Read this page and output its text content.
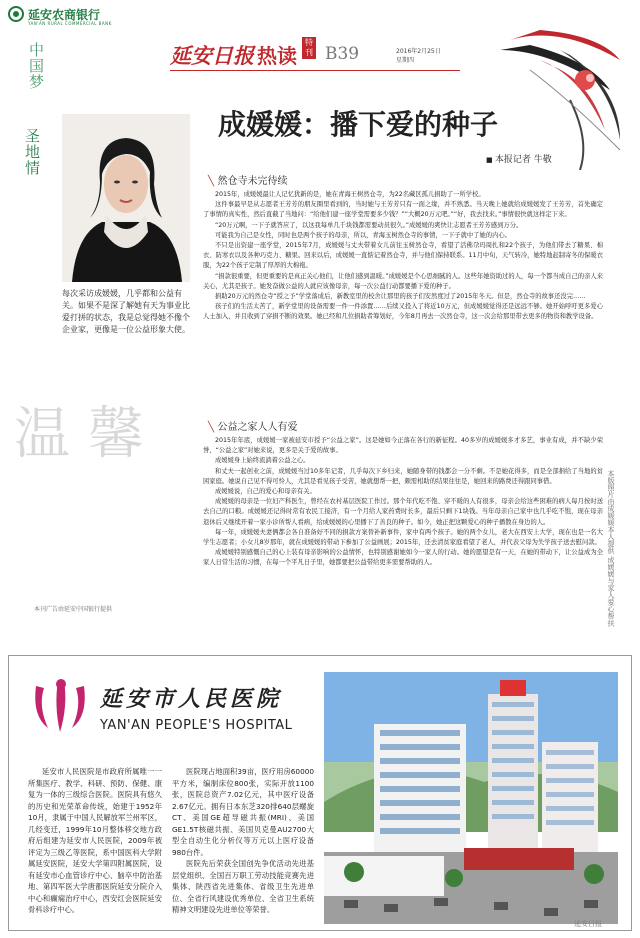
延安农商银行
YAN'AN RURAL COMMERCIAL BANK
中国梦
圣地情
延安日报 热读
特刊 B39	2016年2月25日
星期四
成媛媛：播下爱的种子
■ 本报记者 牛敬
每次采访成媛媛，几乎都和公益有关。如果不是深了解她有天为事业比爱打拼的状态，我是总觉得她不像个企业家，更像是一位公益形象大使。
╲ 然仓寺未完待续

2015年，成媛媛最让人记忆犹新的是，她在青海王树然仓寺，为22名藏区孤儿捐助了一所学校。

这件事最早是从志愿者王芳芳的朋友圈里看到的，当时她与王芳芳只有一面之缘，并不熟悉。当天晚上她就给成媛媛发了王芳芳，首先确定了事情的真实性，然后直截了当地问：“给他们建一座学堂需要多少钱？”“大概20万元吧。”“好，我去找来。”事情很快就这样定下来。

“20万元啊，一下子就答应了，以这我每单几千块钱都需要动员很久。”成媛媛的爽快让志愿者王芳芳感到万分。

可能我为自己是女性，同时也是两个孩子的母亲，所以，青海玉树然仓寺的事情，一下子就中了她的内心。

不只是出资建一座学堂，2015年7月，成媛媛与丈夫带着女儿前往玉树然仓寺，看望了活佛尕玛周扎和22个孩子，为他们带去了糖果、棉衣、防寒衣以及各种巧克力、糖果。回来以后，成媛媛一直惦记着然仓寺，并与他们保持联系。11月中旬，天气转冷，她特地赶制寄冬的保暖衣服，为22个孩子定制了厚厚的大棉袍。

“捐款很重要，但更重要的是真正关心他们，让他们感到温暖。”成媛媛是个心思细腻的人。这些年她资助过的人，每一个都当成自己的亲人来关心，尤其是孩子。她发奋做公益的人就应该像母亲，每一次公益行动都要播下爱的种子。

捐助20万元的然仓寺“授之予”学堂落成后，新教室里的校舍让那里的孩子们安然度过了2015年冬天。但是，然仓寺的故事还没完……

孩子们的生活太苦了，新学堂里的设备需要一件一件添置……后续又投入了将近10万元，但成媛媛觉得还是远远不够。她开始呼吁更多爱心人士加入，并且收到了穿捐不断的效果。她已经和几位捐助者筹划好，今年8月再去一次然仓寺，这一次会给那里带去更多的物资和教学设备。

温馨
╲	公益之家人人有爱

2015年年底，成媛媛一家被延安市授予“公益之家”。这是她如今正落在各行的新征程。40多岁的成媛媛多才多艺，事业有成，并不缺少荣誉，“公益之家”对她来说，更多是关于爱的故事。

成媛媛身上始终流淌着公益之心。

和丈夫一起创业之前，成媛媛当过10多年记者，几乎每次下乡归来，她随身带的钱都会一分不剩。不是她花得多，而是全部捐给了当地的贫困家庭。她说自己见不得可怜人，尤其是看见孩子受苦，她就想帮一把，颇需相助的结果往往是，她回来的路费还得跟同事借。

成媛媛说，自己的爱心和母亲有关。

成媛媛的母亲是一位妇产科医生，曾经在农村基层医院工作过。那个年代吃不饱、穿不暖的人有很多，母亲会给这些困难的病人每月按时送去自己的口粮。成媛媛还记得时常有农民工接济，有一个月给人家药费时长多，最后只剩下1块钱。当年母亲自己家中也几乎吃不饱，现在母亲退休后又继续开着一家小诊所帮人看病，给成媛媛的心里播下了善良的种子。如今，她正把这颗爱心的种子播散在身边的人。

每一年，成媛媛夫妻俩都会各自准备好不同的捐款方案替补新事件，家中有两个孩子。她的两个女儿，老大在西安上大学，现在也是一名大学生志愿者；小女儿8岁那年，就在成媛媛的带动下参加了公益画展；2015年，还去清贫家庭看望了老人，并代表父母为失学孩子送去慰问款。

成媛媛特别感慨自己的心上装有母亲影响的公益情怀，也特别感谢她如今一家人的行动。她的愿望是有一天，在她的带动下，让公益成为全家人日常生活的习惯，在每一个平凡日子里，她都要把公益带给更多需要帮助的人。	本版照片由成媛媛本人提供 成媛媛与家人爱心帮扶
本刊广告由延安中国银行提供
延安市人民医院
YAN'AN PEOPLE'S HOSPITAL

延安市人民医院是市政府所属唯一一所集医疗、教学、科研、预防、保健、康复为一体的三级综合医院。医院具有悠久的历史和光荣革命传统，始建于1952年10月，隶属于中国人民解放军兰州军区，几经变迁，1999年10月整体移交地方政府后组建为延安市人民医院，2009年被评定为三级乙等医院，系中国医科大学附属延安医院，延安大学第四附属医院，设有延安市心血管诊疗中心、脑卒中防治基地、第四军医大学唐都医院延安分院介入中心和癫痫治疗中心，西安红会医院延安骨科诊疗中心。

医院现占地面积39亩，医疗用房60000平方米，编制床位800张，实际开放1100张，医院总资产7.02亿元，其中医疗设备2.67亿元。拥有日本东芝320排640层螺旋CT、美国GE超导磁共振(MRI)、美国GE1.5T核磁共振、美国贝克曼AU2700大型全自动生化分析仪等万元以上医疗设备980台件。

医院先后荣获全国创先争优活动先进基层党组织、全国百万职工劳动技能竞赛先进集体、陕西省先进集体、省级卫生先进单位、全省行风建设优秀单位、全省卫生系统精神文明建设先进单位等荣誉。

延安日报
